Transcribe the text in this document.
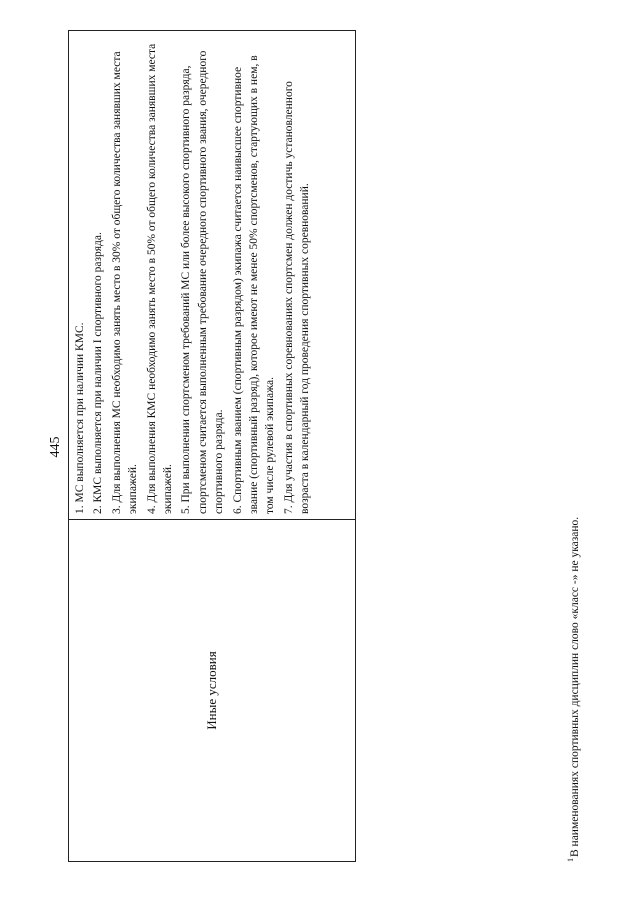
445
Иные условия

1. МС выполняется при наличии КМС. 2. КМС выполняется при наличии I спортивного разряда. 3. Для выполнения МС необходимо занять место в 30% от общего количества занявших места экипажей. 4. Для выполнения КМС необходимо занять место в 50% от общего количества занявших места экипажей. 5. При выполнении спортсменом требований МС или более высокого спортивного разряда, спортсменом считается выполненным требование очередного спортивного звания, очередного спортивного разряда. 6. Спортивным званием (спортивным разрядом) экипажа считается наивысшее спортивное звание (спортивный разряд), которое имеют не менее 50% спортсменов, стартующих в нем, в том числе рулевой экипажа. 7. Для участия в спортивных соревнованиях спортсмен должен достичь установленного возраста в календарный год проведения спортивных соревнований.

$^1$В наименованиях спортивных дисциплин слово «класс -» не указано.
